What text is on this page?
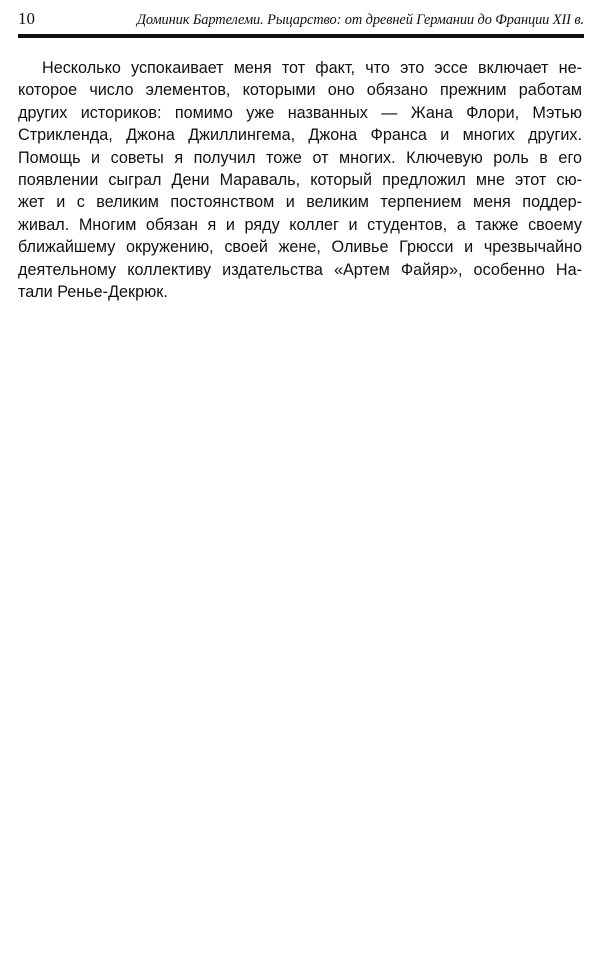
10	Доминик Бартелеми. Рыцарство: от древней Германии до Франции XII в.

Несколько успокаивает меня тот факт, что это эссе включает не-
которое число элементов, которыми оно обязано прежним работам
других историков: помимо уже названных — Жана Флори, Мэтью
Стрикленда, Джона Джиллингема, Джона Франса и многих других.
Помощь и советы я получил тоже от многих. Ключевую роль в его
появлении сыграл Дени Мараваль, который предложил мне этот сю-
жет и с великим постоянством и великим терпением меня поддер-
живал. Многим обязан я и ряду коллег и студентов, а также своему
ближайшему окружению, своей жене, Оливье Грюсси и чрезвычайно
деятельному коллективу издательства «Артем Файяр», особенно На-
тали Ренье-Декрюк.
